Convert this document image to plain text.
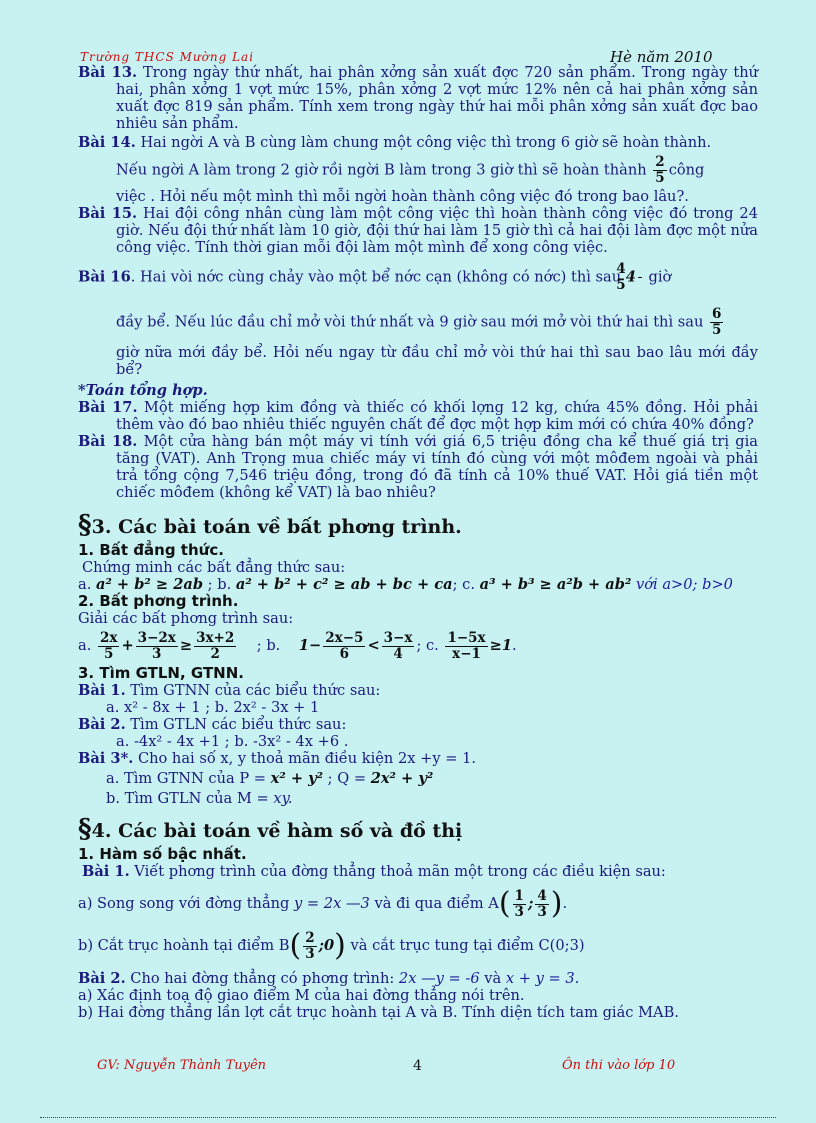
Trường THCS Mường Lai	Hè năm 2010

Bài 13. Trong ngày thứ nhất, hai phân xởng sản xuất đợc 720 sản phẩm. Trong ngày thứ hai, phân xởng 1 vợt mức 15%, phân xởng 2 vợt mức 12% nên cả hai phân xởng sản xuất đợc 819 sản phẩm. Tính xem trong ngày thứ hai mỗi phân xởng sản xuất đợc bao nhiêu sản phẩm.

Bài 14. Hai ngời A và B cùng làm chung một công việc thì trong 6 giờ sẽ hoàn thành.

Nếu ngời A làm trong 2 giờ rồi ngời B làm trong 3 giờ thì sẽ hoàn thành $\frac{2}{5}$ công

việc . Hỏi nếu một mình thì mỗi ngời hoàn thành công việc đó trong bao lâu?.

Bài 15. Hai đội công nhân cùng làm một công việc thì hoàn thành công việc đó trong 24 giờ. Nếu đội thứ nhất làm 10 giờ, đội thứ hai làm 15 giờ thì cả hai đội làm đợc một nửa công việc. Tính thời gian mỗi đội làm một mình để xong công việc.

Bài 16. Hai vòi nớc cùng chảy vào một bể nớc cạn (không có nớc) thì sau $4 \frac{4}{5}$ giờ

đầy bể. Nếu lúc đầu chỉ mở vòi thứ nhất và 9 giờ sau mới mở vòi thứ hai thì sau $\frac{6}{5}$

giờ nữa mới đầy bể. Hỏi nếu ngay từ đầu chỉ mở vòi thứ hai thì sau bao lâu mới đầy bể?

*Toán tổng hợp.

Bài 17. Một miếng hợp kim đồng và thiếc có khối lợng 12 kg, chứa 45% đồng. Hỏi phải thêm vào đó bao nhiêu thiếc nguyên chất để đợc một hợp kim mới có chứa 40% đồng?

Bài 18. Một cửa hàng bán một máy vi tính với giá 6,5 triệu đồng cha kể thuế giá trị gia tăng (VAT). Anh Trọng mua chiếc máy vi tính đó cùng với một môđem ngoài và phải trả tổng cộng 7,546 triệu đồng, trong đó đã tính cả 10% thuế VAT. Hỏi giá tiền một chiếc môđem (không kể VAT) là bao nhiêu?

§3. Các bài toán về bất phơng trình.

1. Bất đẳng thức.

Chứng minh các bất đẳng thức sau:

a. a² + b² ≥ 2ab ; b. a² + b² + c² ≥ ab + bc + ca; c. a³ + b³ ≥ a²b + ab² với a>0; b>0

2. Bất phơng trình.

Giải các bất phơng trình sau:

a. $\frac{2x}{5} + \frac{3-2x}{3} \ge \frac{3x+2}{2}$ ; b. $1- \frac{2x-5}{6} < \frac{3-x}{4}$ ; c. $\frac{1-5x}{x-1} \ge 1$.

3. Tìm GTLN, GTNN.

Bài 1. Tìm GTNN của các biểu thức sau:

a. x² - 8x + 1 ; b. 2x² - 3x + 1

Bài 2. Tìm GTLN các biểu thức sau:

a. -4x² - 4x +1 ; b. -3x² - 4x +6 .

Bài 3*. Cho hai số x, y thoả mãn điều kiện 2x +y = 1.

a. Tìm GTNN của P = x² + y² ; Q = 2x² + y²

b. Tìm GTLN của M = xy.

§4. Các bài toán về hàm số và đồ thị

1. Hàm số bậc nhất.

Bài 1. Viết phơng trình của đờng thẳng thoả mãn một trong các điều kiện sau:

a) Song song với đờng thẳng y = 2x —3 và đi qua điểm $A( \frac{1}{3}$ ; $\frac{4}{3}$ ).

b) Cắt trục hoành tại điểm $B( \frac{2}{3}$ ;0) và cắt trục tung tại điểm C(0;3)

Bài 2. Cho hai đờng thẳng có phơng trình: 2x —y = -6 và x + y = 3.

a) Xác định toạ độ giao điểm M của hai đờng thẳng nói trên.

b) Hai đờng thẳng lần lợt cắt trục hoành tại A và B. Tính diện tích tam giác MAB.

GV: Nguyễn Thành Tuyên	4	Ôn thi vào lớp 10
